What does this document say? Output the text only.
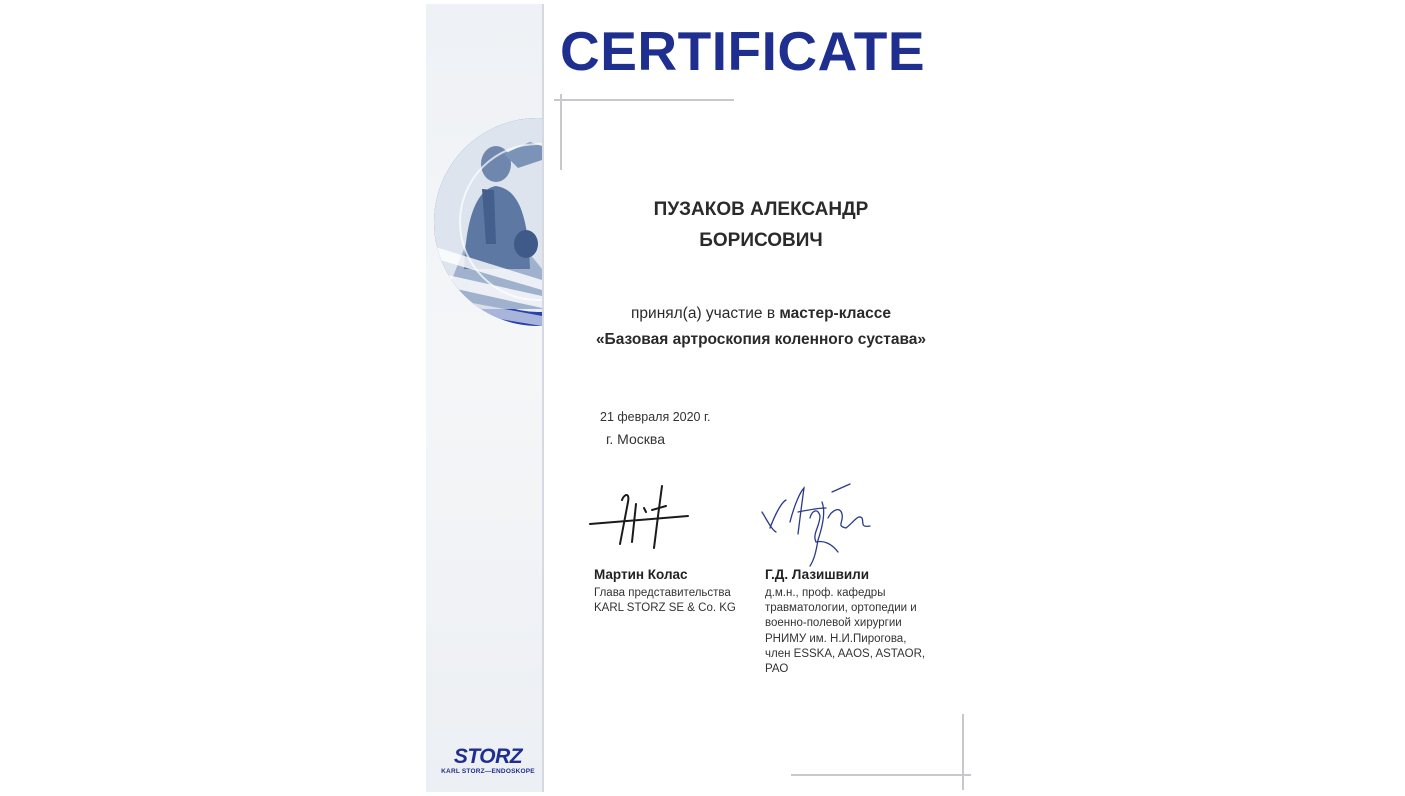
STORZ
KARL STORZ—ENDOSKOPE
CERTIFICATE
ПУЗАКОВ АЛЕКСАНДР
БОРИСОВИЧ
принял(а) участие в мастер-классе
«Базовая артроскопия коленного сустава»
21 февраля 2020 г.
г. Москва
Мартин Колас
Глава представительства
KARL STORZ SE & Co. KG
Г.Д. Лазишвили
д.м.н., проф. кафедры
травматологии, ортопедии и
военно-полевой хирургии
РНИМУ им. Н.И.Пирогова,
член ESSKA, AAOS, ASTAOR,
РАО
